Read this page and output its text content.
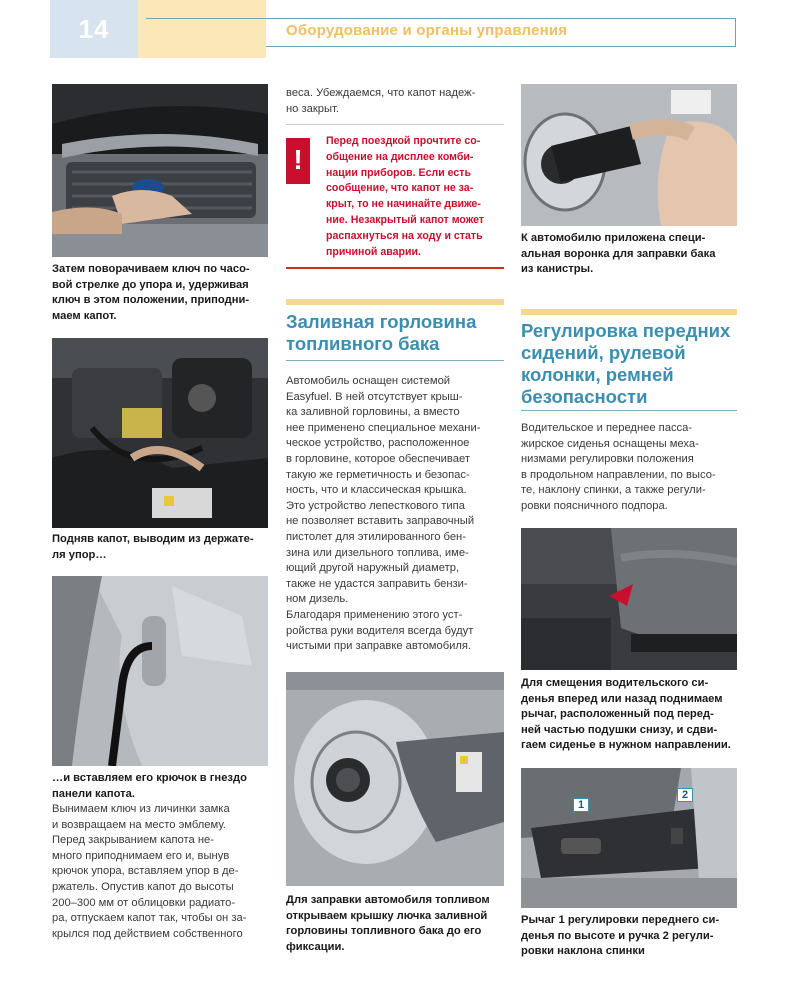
14	Оборудование и органы управления
Затем поворачиваем ключ по часо-
вой стрелке до упора и, удерживая
ключ в этом положении, приподни-
маем капот.
Подняв капот, выводим из держате-
ля упор…
…и вставляем его крючок в гнездо
панели капота.
Вынимаем ключ из личинки замка
и возвращаем на место эмблему.
Перед закрыванием капота не-
много приподнимаем его и, вынув
крючок упора, вставляем упор в де-
ржатель. Опустив капот до высоты
200–300 мм от облицовки радиато-
ра, отпускаем капот так, чтобы он за-
крылся под действием собственного
веса. Убеждаемся, что капот надеж-
но закрыт.
!
Перед поездкой прочтите со-
общение на дисплее комби-
нации приборов. Если есть
сообщение, что капот не за-
крыт, то не начинайте движе-
ние. Незакрытый капот может
распахнуться на ходу и стать
причиной аварии.
Заливная горловина
топливного бака
Автомобиль оснащен системой
Easyfuel. В ней отсутствует крыш-
ка заливной горловины, а вместо
нее применено специальное механи-
ческое устройство, расположенное
в горловине, которое обеспечивает
такую же герметичность и безопас-
ность, что и классическая крышка.
Это устройство лепесткового типа
не позволяет вставить заправочный
пистолет для этилированного бен-
зина или дизельного топлива, име-
ющий другой наружный диаметр,
также не удастся заправить бензи-
ном дизель.
Благодаря применению этого уст-
ройства руки водителя всегда будут
чистыми при заправке автомобиля.
Для заправки автомобиля топливом
открываем крышку лючка заливной
горловины топливного бака до его
фиксации.
К автомобилю приложена специ-
альная воронка для заправки бака
из канистры.
Регулировка передних
сидений, рулевой
колонки, ремней
безопасности
Водительское и переднее пасса-
жирское сиденья оснащены меха-
низмами регулировки положения
в продольном направлении, по высо-
те, наклону спинки, а также регули-
ровки поясничного подпора.
Для смещения водительского си-
денья вперед или назад поднимаем
рычаг, расположенный под перед-
ней частью подушки снизу, и сдви-
гаем сиденье в нужном направлении.
1
2
Рычаг 1 регулировки переднего си-
денья по высоте и ручка 2 регули-
ровки наклона спинки
